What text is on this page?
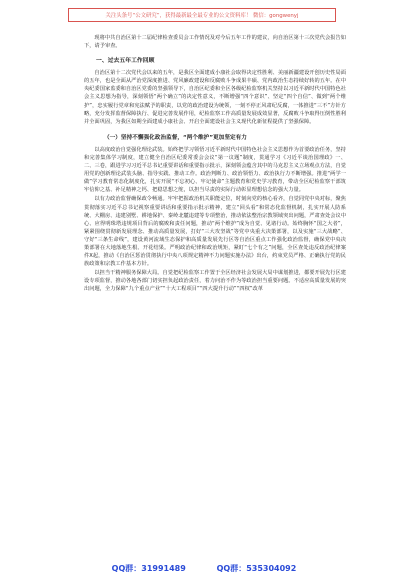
关注头条号“公文研究”，获得最新最全最专业的公文资料库！ 微信：gongwenyj

现将中共自治区第十二届纪律检查委员会工作情况及对今后五年工作的建议，向自治区第十三次党代会报告如下，请予审查。

一、过去五年工作回顾

自治区第十二次党代会以来的五年，是我区全面建成小康社会取得决定性胜利、美丽新疆建设开创历史性局面的五年，也是全面从严治党深度推进、党风廉政建设和反腐败斗争成果丰硕、党内政治生态持续好转的五年。在中央纪委国家监委和自治区党委的坚强领导下，自治区纪委和全区各级纪检监察机关坚持以习近平新时代中国特色社会主义思想为指导，深刻领悟“两个确立”的决定性意义，不断增强“四个意识”、坚定“四个自信”、做到“两个维护”，忠实履行党章和宪法赋予的职责，以党的政治建设为统领，一刻不停正风肃纪反腐，一体推进“三不”方针方略，充分发挥监督保障执行、促进完善发展作用，纪检监察工作高质量发展成效显著，反腐败斗争取得压倒性胜利并全面巩固，为我区如期全面建成小康社会、开启全面建设社会主义现代化新征程提供了坚强保障。

（一）坚持不懈强化政治监督，“两个维护”更加坚定有力

以高度政治自觉强化理论武装。始终把学习领悟习近平新时代中国特色社会主义思想作为首要政治任务，坚持和完善集体学习制度，建立健全自治区纪委常委会会议“第一议题”制度，贯通学习《习近平谈治国理政》一、二、三卷，跟进学习习近平总书记重要讲话和重要指示批示，深刻领会蕴含其中的马克思主义立场观点方法，自觉用党的创新理论武装头脑、指导实践、推动工作。政治判断力、政治领悟力、政治执行力不断增强。推进“两学一做”学习教育常态化制度化，扎实开展“不忘初心、牢记使命”主题教育和党史学习教育，带动全区纪检监察干部筑牢信仰之基、补足精神之钙、把稳思想之舵，以担当尽责的实际行动彰显理想信念的强大力量。

以有力政治监督确保政令畅通。牢牢把握政治机关职能定位，时刻向党的核心看齐，自觉同党中央对标，聚焦贯彻落实习近平总书记视察重要讲话和重要指示批示精神，建立“回头看”和常态化监督机制，扎实开展人防系统、大棚房、违建别墅、耕地保护、秦岭北麓违建等专项整治，推动依法整治宗教领域突出问题，严肃查处会议中心、应得明珠塔违规项目背后的腐败和责任问题，推动“两个维护”成为自觉、见诸行动。始终胸怀“国之大者”，紧紧围绕贯彻新发展理念、推动高质量发展，打好“三大攻坚战”等党中央重大决策部署，以及实施“三大战略”、守好“三条生命线”，建设黄河流域生态保护和高质量发展先行区等自治区重点工作强化政治监督，确保党中央决策部署在大地落地生根、开花结果。严明政治纪律和政治规矩，紧盯“七个有之”问题，全区查处违反政治纪律案件X起，推动《自治区惩治贯彻执行中央八项规定精神不力问题实施办法》出台，约束党员严格、正确执行党的民族政策和宗教工作基本方针。

以担当干精神服务保障大局。自觉把纪检监察工作置于全区经济社会发展大局中谋划推进，都要开展先行区建设专项监督，推动各地各部门切实担负起政治责任，着力问治不作为等政治担当重要问题。不适应高质量发展的突出问题，全力保障“九个重点产业”“十大工程项目”“四大提升行动”“四权”改革

QQ群：31991489	QQ群：535304092
